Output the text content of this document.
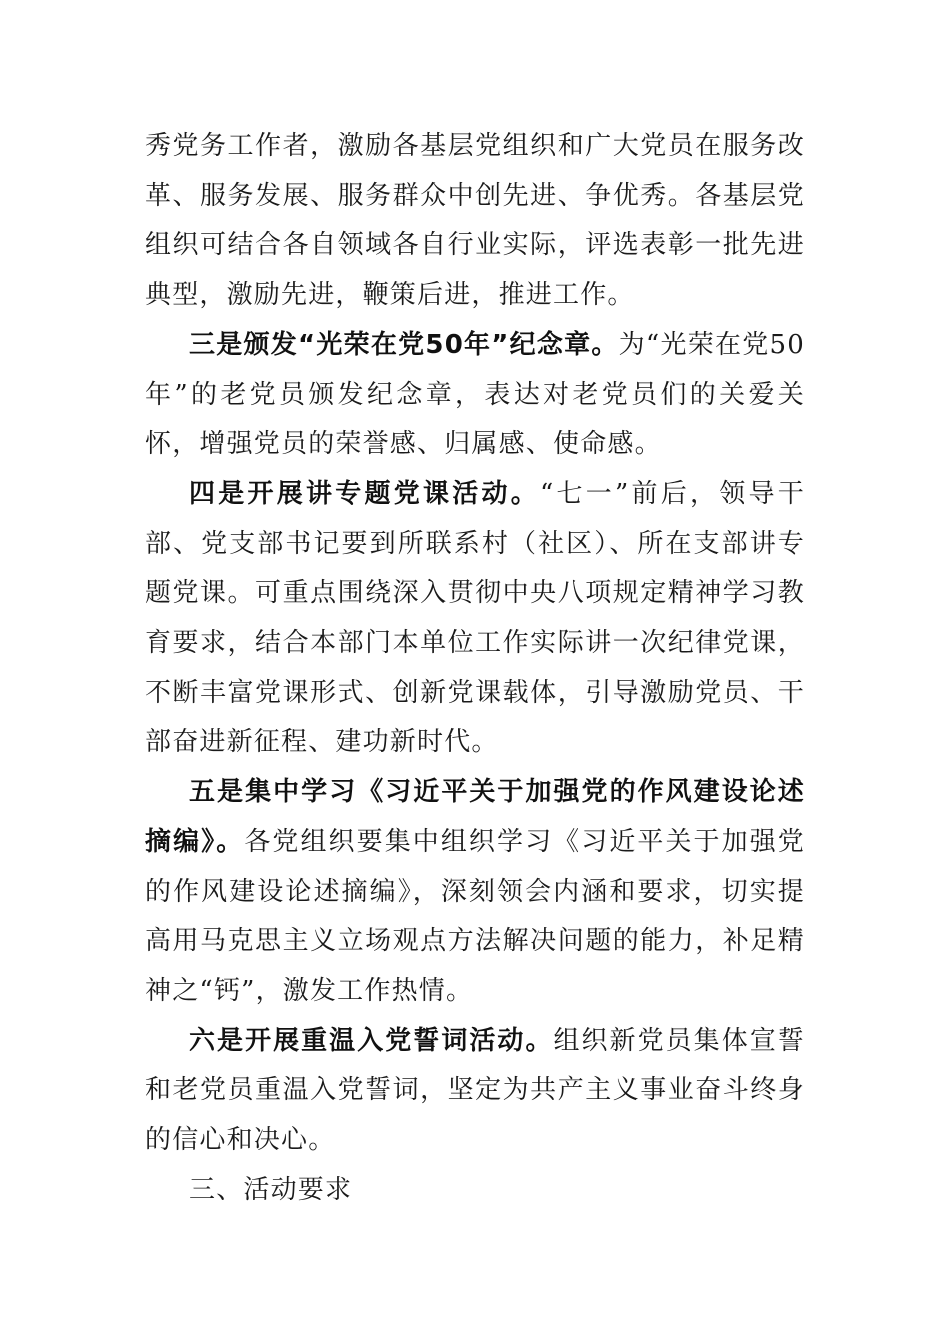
秀党务工作者，激励各基层党组织和广大党员在服务改革、服务发展、服务群众中创先进、争优秀。各基层党组织可结合各自领域各自行业实际，评选表彰一批先进典型，激励先进，鞭策后进，推进工作。

三是颁发“光荣在党50年”纪念章。为“光荣在党50年”的老党员颁发纪念章，表达对老党员们的关爱关怀，增强党员的荣誉感、归属感、使命感。

四是开展讲专题党课活动。“七一”前后，领导干部、党支部书记要到所联系村（社区）、所在支部讲专题党课。可重点围绕深入贯彻中央八项规定精神学习教育要求，结合本部门本单位工作实际讲一次纪律党课，不断丰富党课形式、创新党课载体，引导激励党员、干部奋进新征程、建功新时代。

五是集中学习《习近平关于加强党的作风建设论述摘编》。各党组织要集中组织学习《习近平关于加强党的作风建设论述摘编》，深刻领会内涵和要求，切实提高用马克思主义立场观点方法解决问题的能力，补足精神之“钙”，激发工作热情。

六是开展重温入党誓词活动。组织新党员集体宣誓和老党员重温入党誓词，坚定为共产主义事业奋斗终身的信心和决心。

三、活动要求
